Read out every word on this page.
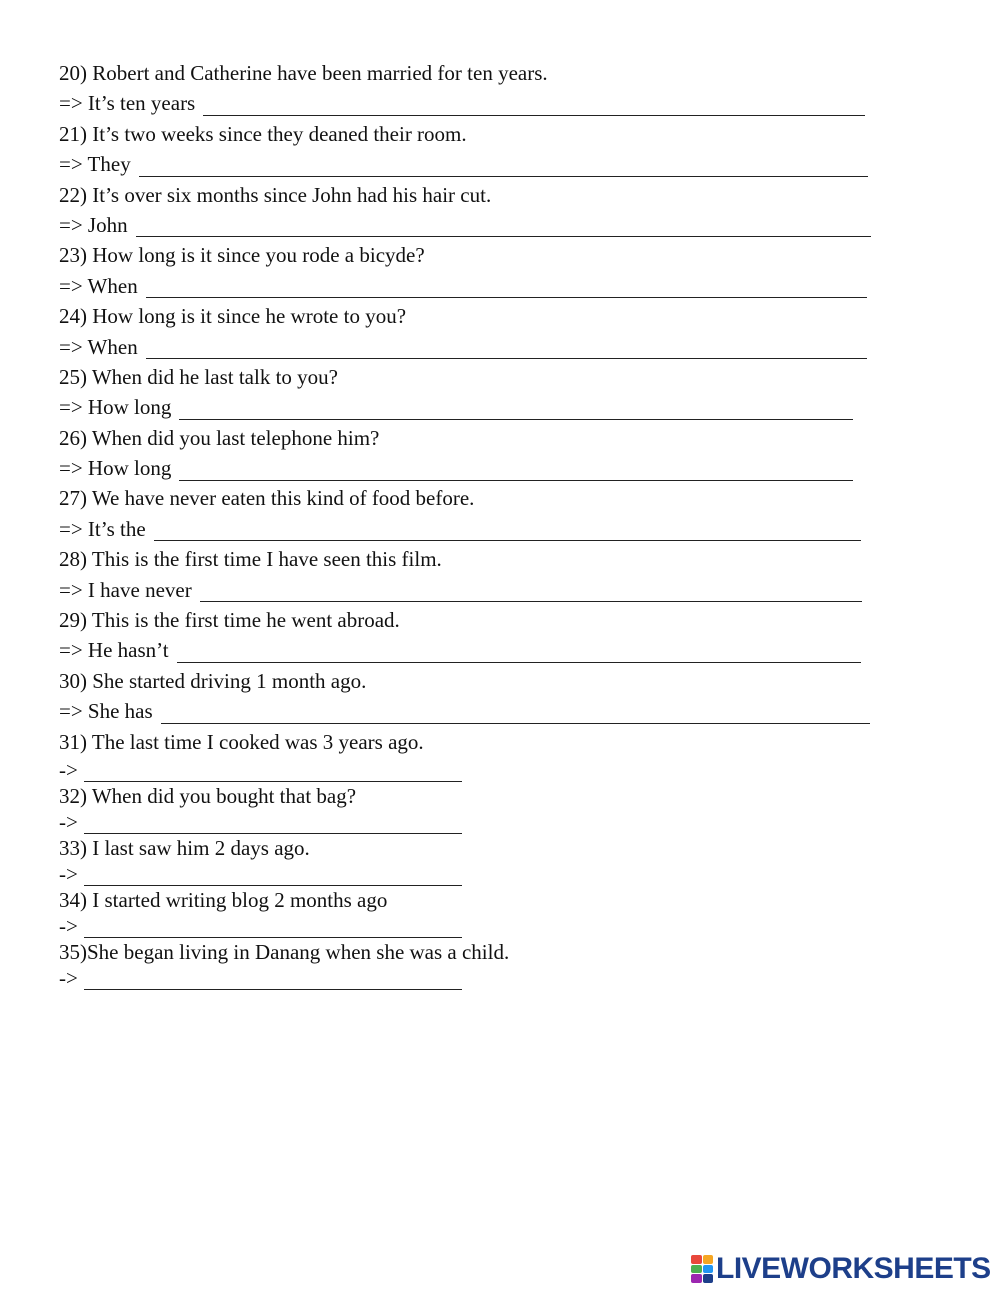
20) Robert and Catherine have been married for ten years.
=> It’s ten years
21) It’s two weeks since they deaned their room.
=> They
22) It’s over six months since John had his hair cut.
=> John
23) How long is it since you rode a bicyde?
=> When
24) How long is it since he wrote to you?
=> When
25) When did he last talk to you?
=> How long
26) When did you last telephone him?
=> How long
27) We have never eaten this kind of food before.
=> It’s the
28) This is the first time I have seen this film.
=> I have never
29) This is the first time he went abroad.
=> He hasn’t
30) She started driving 1 month ago.
=> She has
31) The last time I cooked was 3 years ago.
->
32) When did you bought that bag?
->
33) I last saw him 2 days ago.
->
34) I started writing blog 2 months ago
->
35)She began living in Danang when she was a child.
->
LIVEWORKSHEETS
